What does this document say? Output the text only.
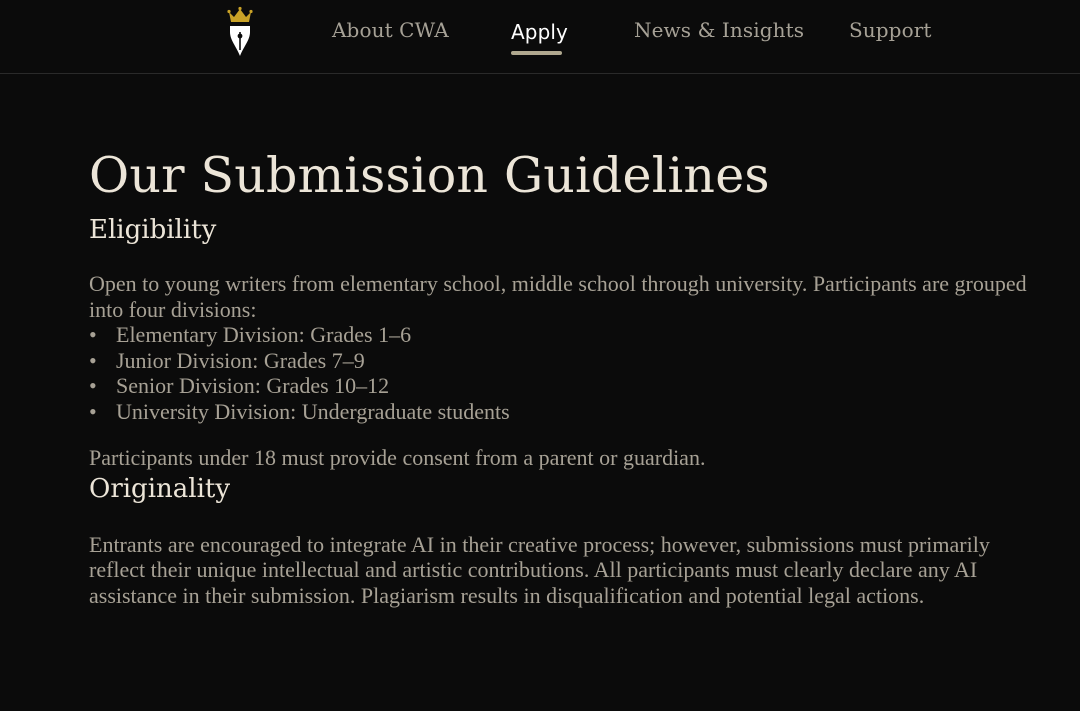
About CWA	Apply	News & Insights Support
Our Submission Guidelines
Eligibility

Open to young writers from elementary school, middle school through university. Participants are grouped into four divisions:

• Elementary Division: Grades 1–6
• Junior Division: Grades 7–9
• Senior Division: Grades 10–12
• University Division: Undergraduate students

Participants under 18 must provide consent from a parent or guardian.

Originality

Entrants are encouraged to integrate AI in their creative process; however, submissions must primarily reflect their unique intellectual and artistic contributions. All participants must clearly declare any AI assistance in their submission. Plagiarism results in disqualification and potential legal actions.
